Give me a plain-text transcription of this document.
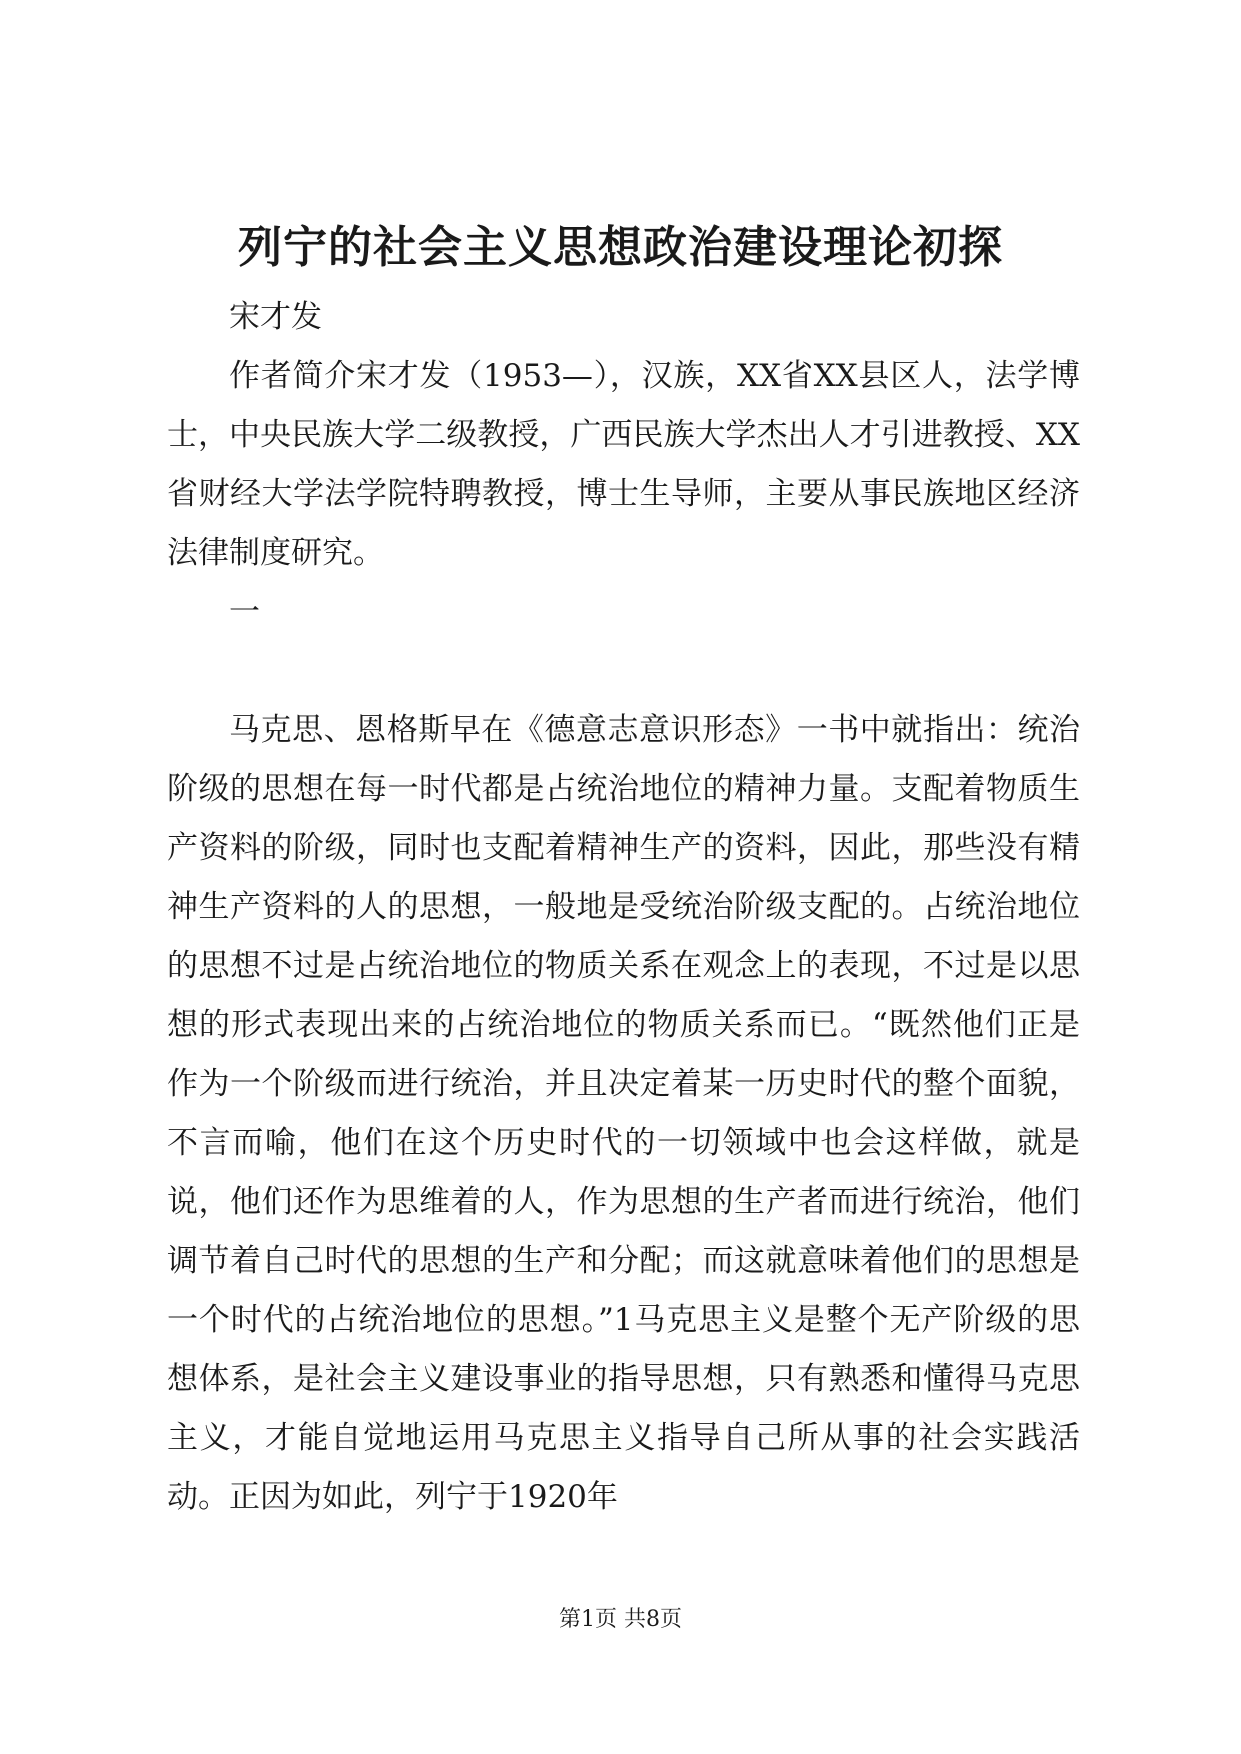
列宁的社会主义思想政治建设理论初探

宋才发

作者简介宋才发（1953—），汉族，XX省XX县区人，法学博士，中央民族大学二级教授，广西民族大学杰出人才引进教授、XX省财经大学法学院特聘教授，博士生导师，主要从事民族地区经济法律制度研究。

一

马克思、恩格斯早在《德意志意识形态》一书中就指出：统治阶级的思想在每一时代都是占统治地位的精神力量。支配着物质生产资料的阶级，同时也支配着精神生产的资料，因此，那些没有精神生产资料的人的思想，一般地是受统治阶级支配的。占统治地位的思想不过是占统治地位的物质关系在观念上的表现，不过是以思想的形式表现出来的占统治地位的物质关系而已。“既然他们正是作为一个阶级而进行统治，并且决定着某一历史时代的整个面貌，不言而喻，他们在这个历史时代的一切领域中也会这样做，就是说，他们还作为思维着的人，作为思想的生产者而进行统治，他们调节着自己时代的思想的生产和分配；而这就意味着他们的思想是一个时代的占统治地位的思想。”1马克思主义是整个无产阶级的思想体系，是社会主义建设事业的指导思想，只有熟悉和懂得马克思主义，才能自觉地运用马克思主义指导自己所从事的社会实践活动。正因为如此，列宁于1920年

第1页 共8页
